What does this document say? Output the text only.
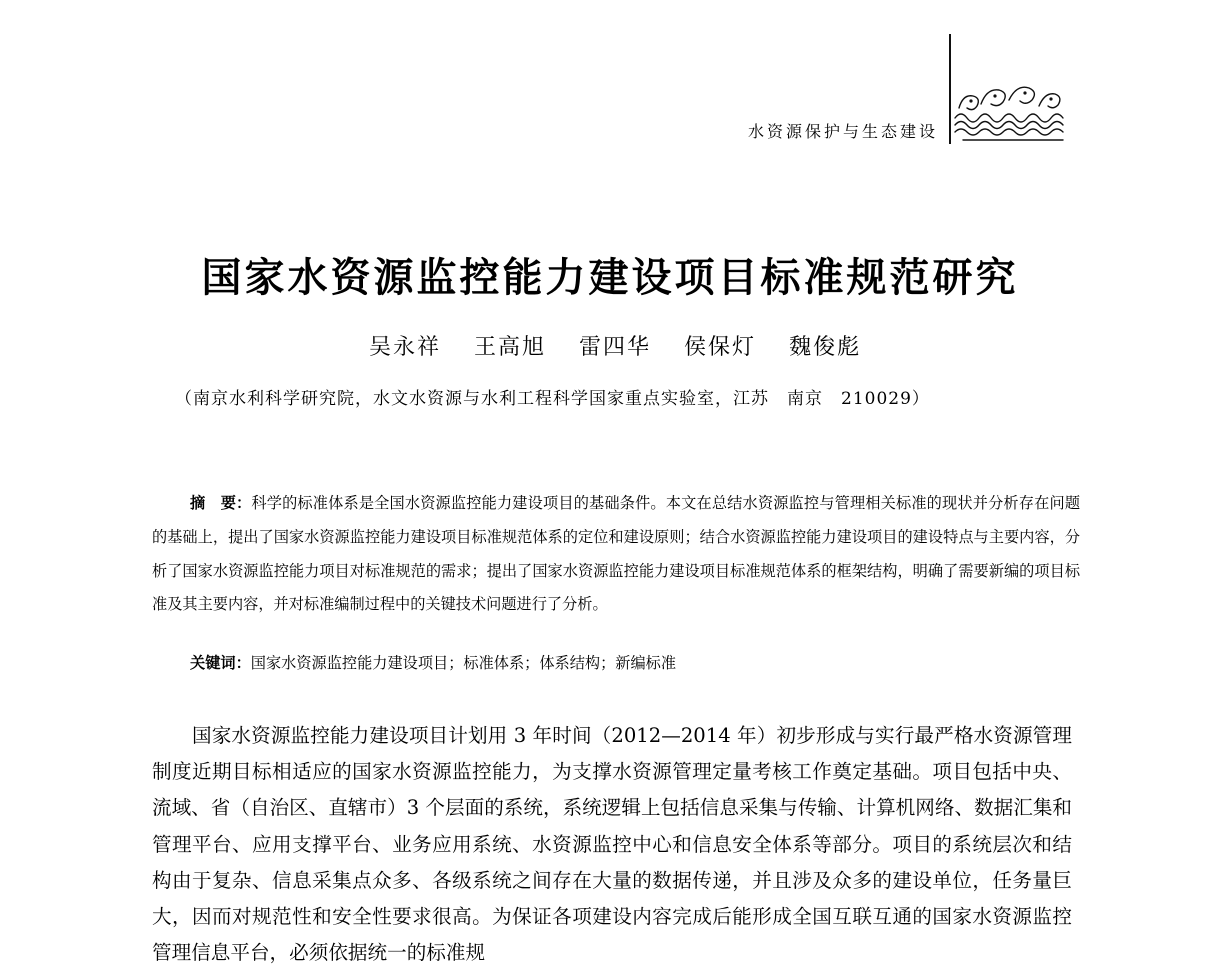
水资源保护与生态建设
国家水资源监控能力建设项目标准规范研究
吴永祥 王高旭 雷四华 侯保灯 魏俊彪
（南京水利科学研究院，水文水资源与水利工程科学国家重点实验室，江苏　南京　210029）
摘　要：科学的标准体系是全国水资源监控能力建设项目的基础条件。本文在总结水资源监控与管理相关标准的现状并分析存在问题的基础上，提出了国家水资源监控能力建设项目标准规范体系的定位和建设原则；结合水资源监控能力建设项目的建设特点与主要内容，分析了国家水资源监控能力项目对标准规范的需求；提出了国家水资源监控能力建设项目标准规范体系的框架结构，明确了需要新编的项目标准及其主要内容，并对标准编制过程中的关键技术问题进行了分析。
关键词：国家水资源监控能力建设项目；标准体系；体系结构；新编标准
国家水资源监控能力建设项目计划用 3 年时间（2012—2014 年）初步形成与实行最严格水资源管理制度近期目标相适应的国家水资源监控能力，为支撑水资源管理定量考核工作奠定基础。项目包括中央、流域、省（自治区、直辖市）3 个层面的系统，系统逻辑上包括信息采集与传输、计算机网络、数据汇集和管理平台、应用支撑平台、业务应用系统、水资源监控中心和信息安全体系等部分。项目的系统层次和结构由于复杂、信息采集点众多、各级系统之间存在大量的数据传递，并且涉及众多的建设单位，任务量巨大，因而对规范性和安全性要求很高。为保证各项建设内容完成后能形成全国互联互通的国家水资源监控管理信息平台，必须依据统一的标准规
